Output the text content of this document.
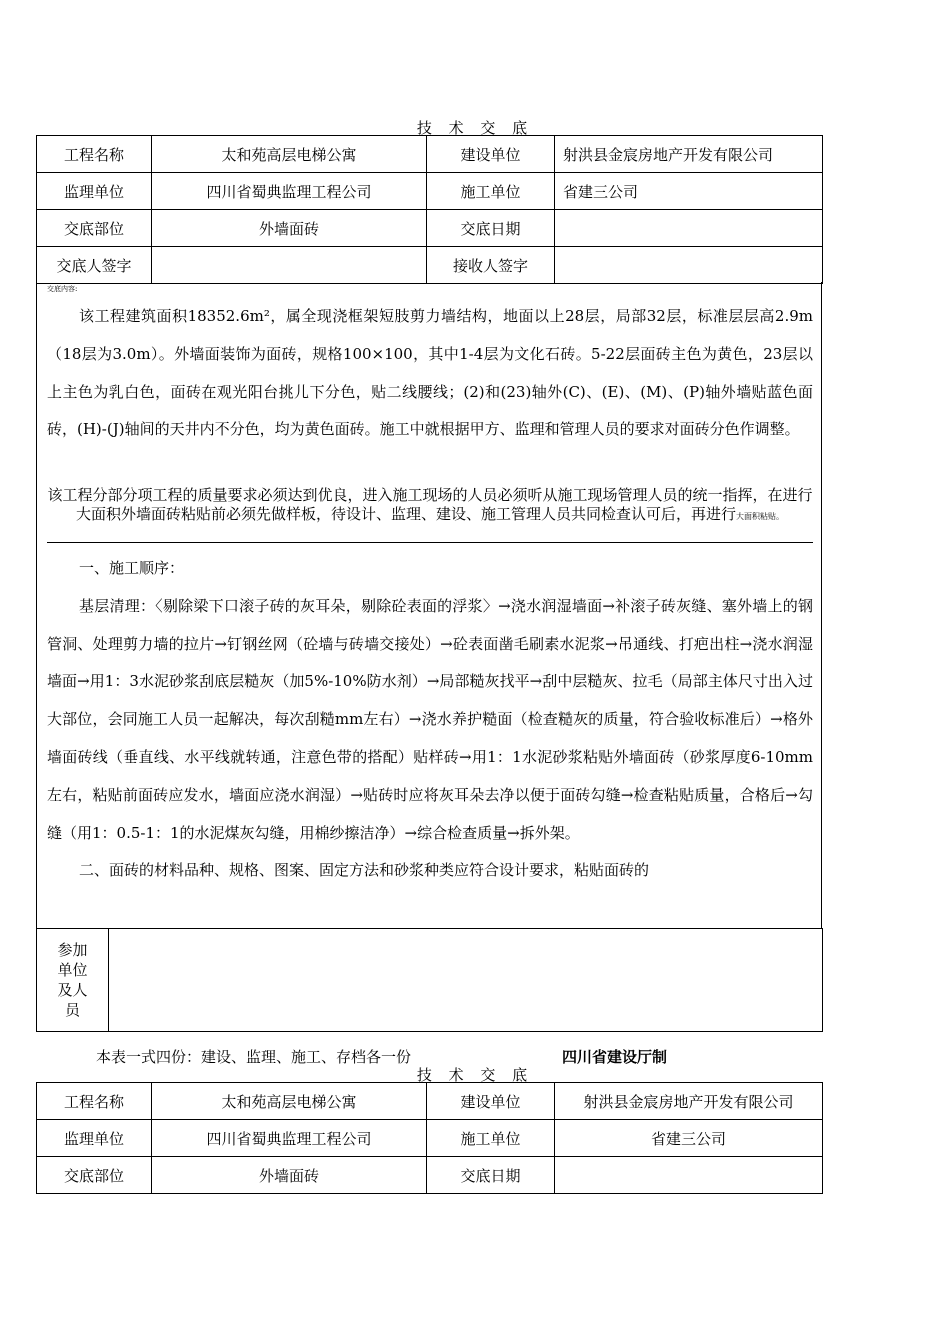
技 术 交 底
工程名称	太和苑高层电梯公寓	建设单位	射洪县金宸房地产开发有限公司
监理单位	四川省蜀典监理工程公司	施工单位	省建三公司
交底部位	外墙面砖	交底日期	
交底人签字		接收人签字	
交底内容:

该工程建筑面积18352.6m²，属全现浇框架短肢剪力墙结构，地面以上28层，局部32层，标准层层高2.9m（18层为3.0m）。外墙面装饰为面砖，规格100×100，其中1-4层为文化石砖。5-22层面砖主色为黄色，23层以上主色为乳白色，面砖在观光阳台挑儿下分色，贴二线腰线；(2)和(23)轴外(C)、(E)、(M)、(P)轴外墙贴蓝色面砖，(H)-(J)轴间的天井内不分色，均为黄色面砖。施工中就根据甲方、监理和管理人员的要求对面砖分色作调整。

该工程分部分项工程的质量要求必须达到优良，进入施工现场的人员必须听从施工现场管理人员的统一指挥，在进行大面积外墙面砖粘贴前必须先做样板，待设计、监理、建设、施工管理人员共同检查认可后，再进行大面积粘贴。

一、施工顺序：

基层清理：〈剔除梁下口滚子砖的灰耳朵，剔除砼表面的浮浆〉→浇水润湿墙面→补滚子砖灰缝、塞外墙上的钢管洞、处理剪力墙的拉片→钉钢丝网（砼墙与砖墙交接处）→砼表面凿毛刷素水泥浆→吊通线、打疤出柱→浇水润湿墙面→用1：3水泥砂浆刮底层糙灰（加5%-10%防水剂）→局部糙灰找平→刮中层糙灰、拉毛（局部主体尺寸出入过大部位，会同施工人员一起解决，每次刮糙mm左右）→浇水养护糙面（检查糙灰的质量，符合验收标准后）→格外墙面砖线（垂直线、水平线就转通，注意色带的搭配）贴样砖→用1：1水泥砂浆粘贴外墙面砖（砂浆厚度6-10mm左右，粘贴前面砖应发水，墙面应浇水润湿）→贴砖时应将灰耳朵去净以便于面砖勾缝→检查粘贴质量，合格后→勾缝（用1：0.5-1：1的水泥煤灰勾缝，用棉纱擦洁净）→综合检查质量→拆外架。

二、面砖的材料品种、规格、图案、固定方法和砂浆种类应符合设计要求，粘贴面砖的

参加单位及人员	
本表一式四份：建设、监理、施工、存档各一份	四川省建设厅制
技 术 交 底
工程名称	太和苑高层电梯公寓	建设单位	射洪县金宸房地产开发有限公司
监理单位	四川省蜀典监理工程公司	施工单位	省建三公司
交底部位	外墙面砖	交底日期	
